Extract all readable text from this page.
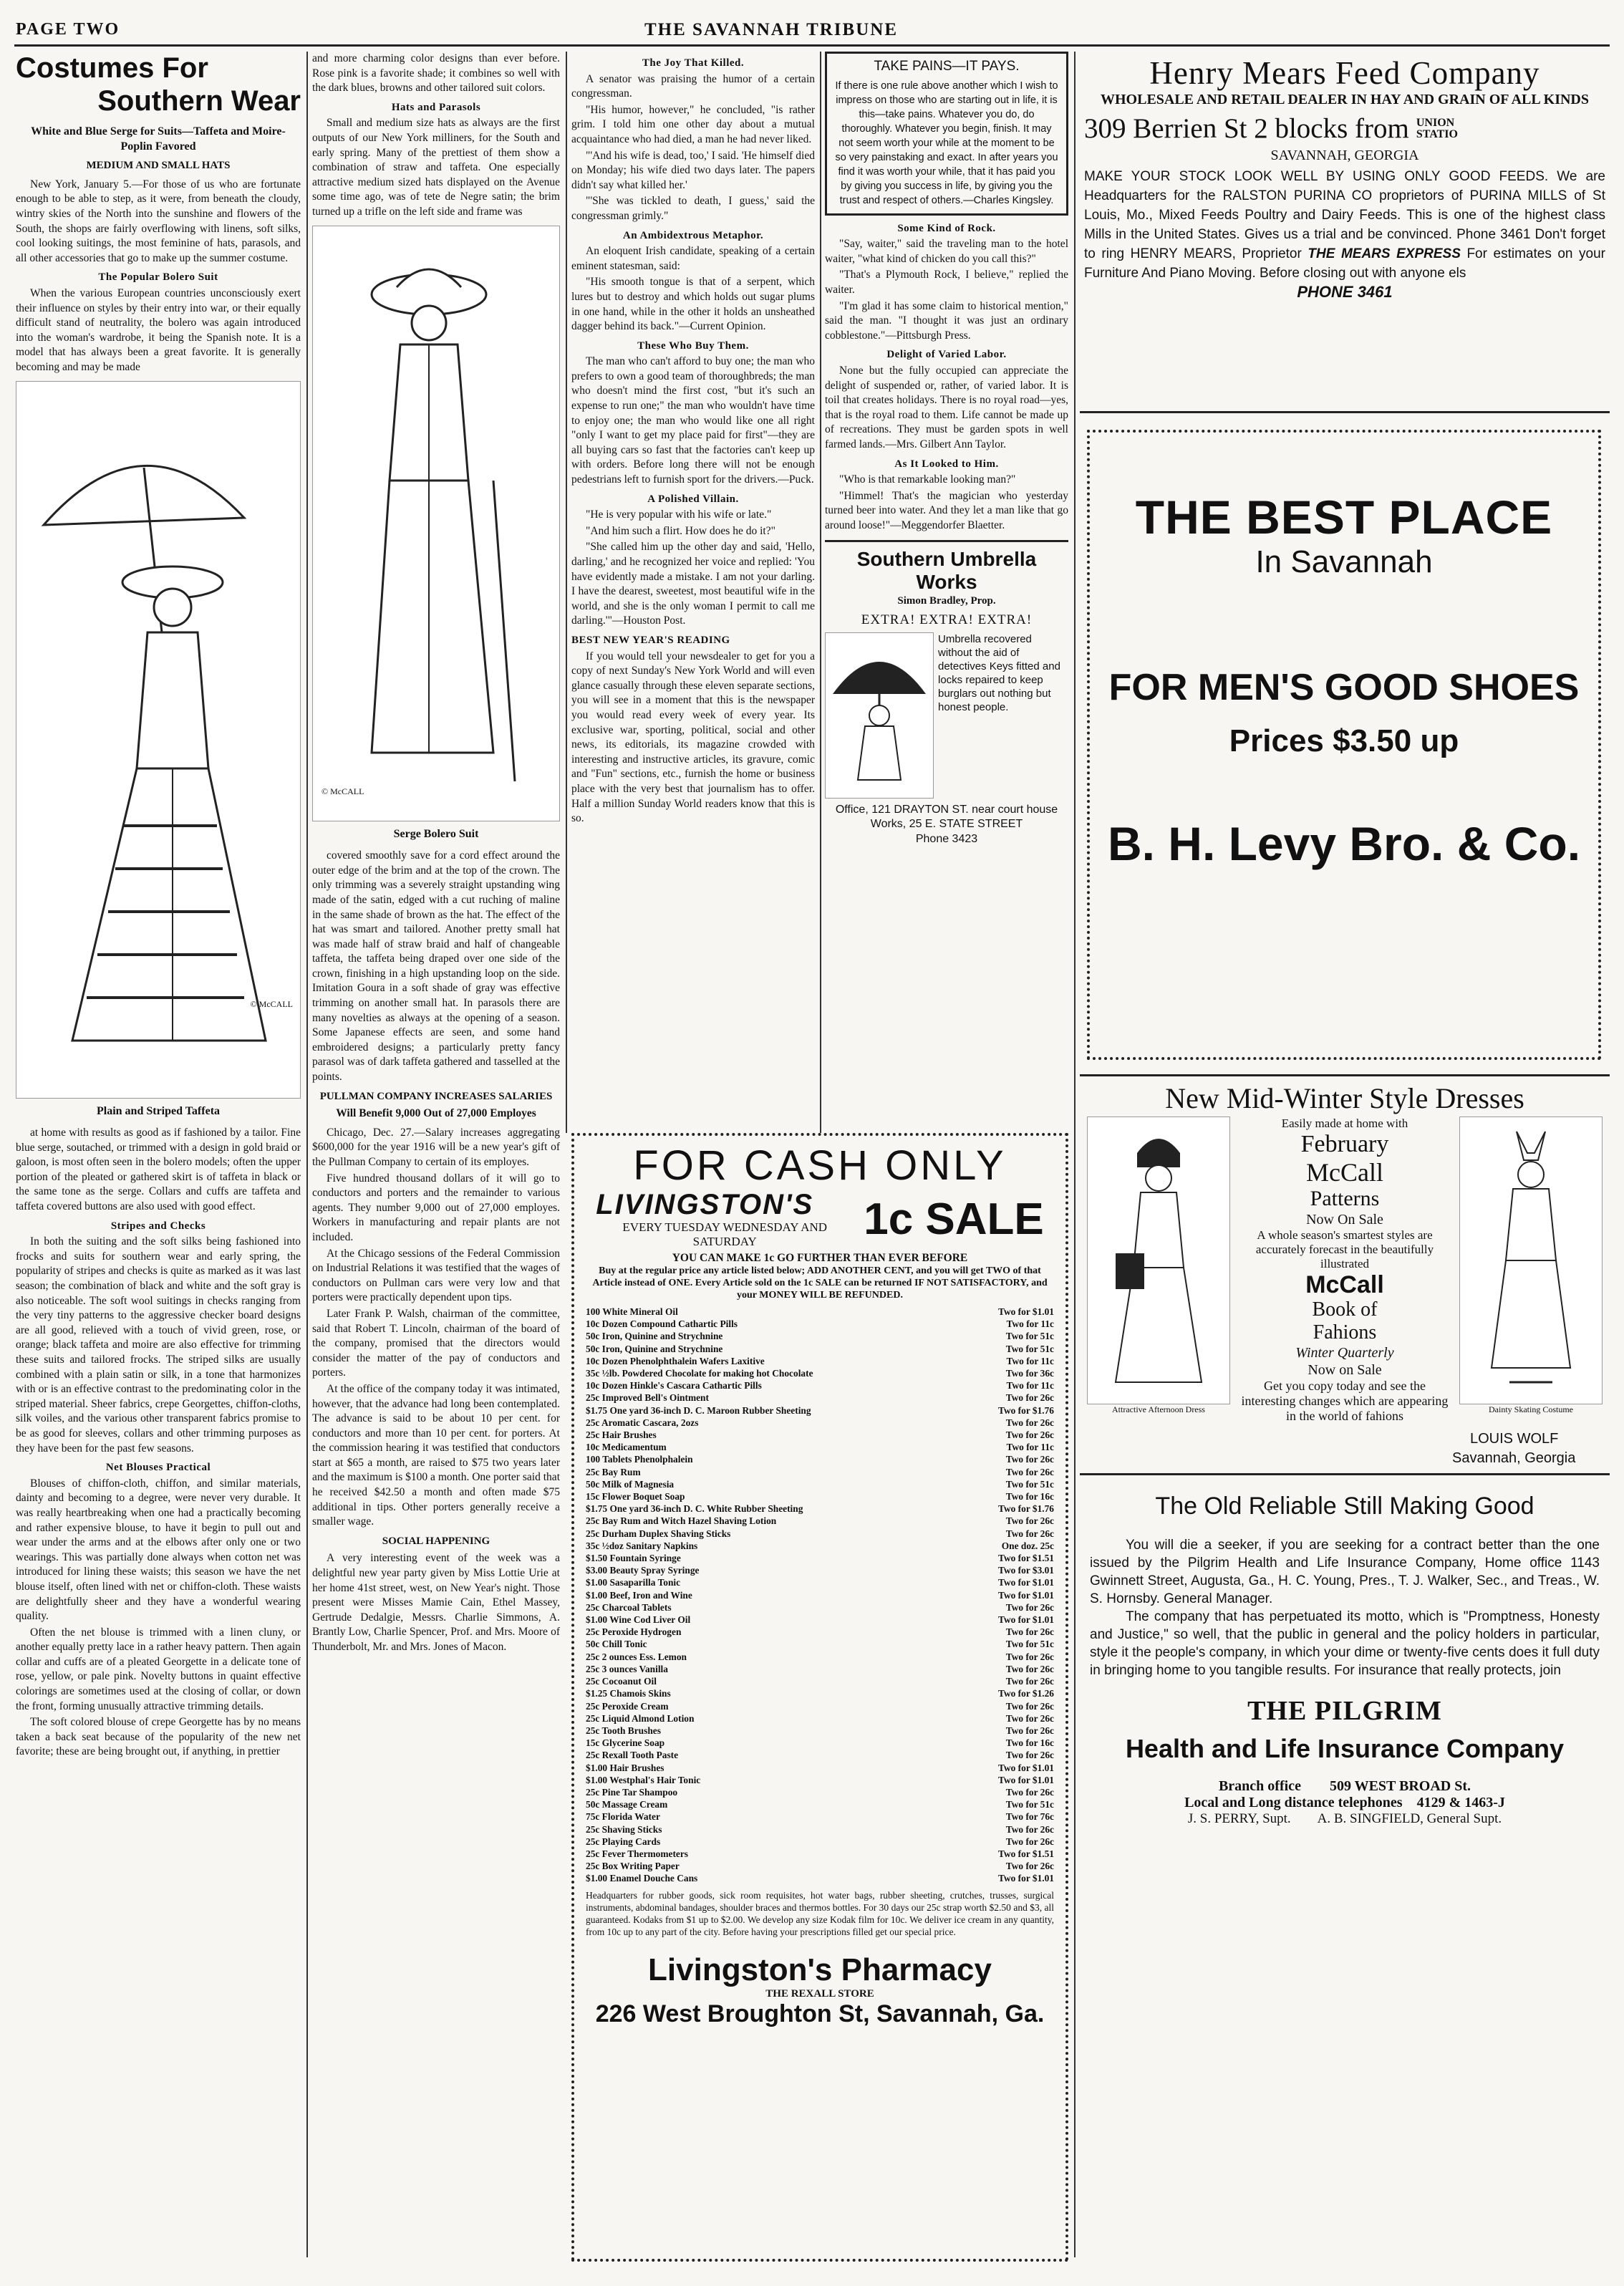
PAGE TWO	THE SAVANNAH TRIBUNE
Costumes For
Southern Wear
White and Blue Serge for Suits—Taffeta and Moire-Poplin Favored
MEDIUM AND SMALL HATS

New York, January 5.—For those of us who are fortunate enough to be able to step, as it were, from beneath the cloudy, wintry skies of the North into the sunshine and flowers of the South, the shops are fairly overflowing with linens, soft silks, cool looking suitings, the most feminine of hats, parasols, and all other accessories that go to make up the summer costume.

The Popular Bolero Suit

When the various European countries unconsciously exert their influence on styles by their entry into war, or their equally difficult stand of neutrality, the bolero was again introduced into the woman's wardrobe, it being the Spanish note. It is a model that has always been a great favorite. It is generally becoming and may be made

© McCALL
Plain and Striped Taffeta

at home with results as good as if fashioned by a tailor. Fine blue serge, soutached, or trimmed with a design in gold braid or galoon, is most often seen in the bolero models; often the upper portion of the pleated or gathered skirt is of taffeta in black or the same tone as the serge. Collars and cuffs are taffeta and taffeta covered buttons are also used with good effect.

Stripes and Checks

In both the suiting and the soft silks being fashioned into frocks and suits for southern wear and early spring, the popularity of stripes and checks is quite as marked as it was last season; the combination of black and white and the soft gray is also noticeable. The soft wool suitings in checks ranging from the very tiny patterns to the aggressive checker board designs are all good, relieved with a touch of vivid green, rose, or orange; black taffeta and moire are also effective for trimming these suits and tailored frocks. The striped silks are usually combined with a plain satin or silk, in a tone that harmonizes with or is an effective contrast to the predominating color in the striped material. Sheer fabrics, crepe Georgettes, chiffon-cloths, silk voiles, and the various other transparent fabrics promise to be as good for sleeves, collars and other trimming purposes as they have been for the past few seasons.

Net Blouses Practical

Blouses of chiffon-cloth, chiffon, and similar materials, dainty and becoming to a degree, were never very durable. It was really heartbreaking when one had a practically becoming and rather expensive blouse, to have it begin to pull out and wear under the arms and at the elbows after only one or two wearings. This was partially done always when cotton net was introduced for lining these waists; this season we have the net blouse itself, often lined with net or chiffon-cloth. These waists are delightfully sheer and they have a wonderful wearing quality.

Often the net blouse is trimmed with a linen cluny, or another equally pretty lace in a rather heavy pattern. Then again collar and cuffs are of a pleated Georgette in a delicate tone of rose, yellow, or pale pink. Novelty buttons in quaint effective colorings are sometimes used at the closing of collar, or down the front, forming unusually attractive trimming details.

The soft colored blouse of crepe Georgette has by no means taken a back seat because of the popularity of the new net favorite; these are being brought out, if anything, in prettier

and more charming color designs than ever before. Rose pink is a favorite shade; it combines so well with the dark blues, browns and other tailored suit colors.

Hats and Parasols

Small and medium size hats as always are the first outputs of our New York milliners, for the South and early spring. Many of the prettiest of them show a combination of straw and taffeta. One especially attractive medium sized hats displayed on the Avenue some time ago, was of tete de Negre satin; the brim turned up a trifle on the left side and frame was

© McCALL
Serge Bolero Suit

covered smoothly save for a cord effect around the outer edge of the brim and at the top of the crown. The only trimming was a severely straight upstanding wing made of the satin, edged with a cut ruching of maline in the same shade of brown as the hat. The effect of the hat was smart and tailored. Another pretty small hat was made half of straw braid and half of changeable taffeta, the taffeta being draped over one side of the crown, finishing in a high upstanding loop on the side. Imitation Goura in a soft shade of gray was effective trimming on another small hat. In parasols there are many novelties as always at the opening of a season. Some Japanese effects are seen, and some hand embroidered designs; a particularly pretty fancy parasol was of dark taffeta gathered and tasselled at the points.

PULLMAN COMPANY INCREASES SALARIES
Will Benefit 9,000 Out of 27,000 Employes

Chicago, Dec. 27.—Salary increases aggregating $600,000 for the year 1916 will be a new year's gift of the Pullman Company to certain of its employes.

Five hundred thousand dollars of it will go to conductors and porters and the remainder to various agents. They number 9,000 out of 27,000 employes. Workers in manufacturing and repair plants are not included.

At the Chicago sessions of the Federal Commission on Industrial Relations it was testified that the wages of conductors on Pullman cars were very low and that porters were practically dependent upon tips.

Later Frank P. Walsh, chairman of the committee, said that Robert T. Lincoln, chairman of the board of the company, promised that the directors would consider the matter of the pay of conductors and porters.

At the office of the company today it was intimated, however, that the advance had long been contemplated. The advance is said to be about 10 per cent. for conductors and more than 10 per cent. for porters. At the commission hearing it was testified that conductors start at $65 a month, are raised to $75 two years later and the maximum is $100 a month. One porter said that he received $42.50 a month and often made $75 additional in tips. Other porters generally receive a smaller wage.

SOCIAL HAPPENING

A very interesting event of the week was a delightful new year party given by Miss Lottie Urie at her home 41st street, west, on New Year's night. Those present were Misses Mamie Cain, Ethel Massey, Gertrude Dedalgie, Messrs. Charlie Simmons, A. Brantly Low, Charlie Spencer, Prof. and Mrs. Moore of Thunderbolt, Mr. and Mrs. Jones of Macon.

The Joy That Killed.

A senator was praising the humor of a certain congressman.

"His humor, however," he concluded, "is rather grim. I told him one other day about a mutual acquaintance who had died, a man he had never liked.

"'And his wife is dead, too,' I said. 'He himself died on Monday; his wife died two days later. The papers didn't say what killed her.'

"'She was tickled to death, I guess,' said the congressman grimly."

An Ambidextrous Metaphor.

An eloquent Irish candidate, speaking of a certain eminent statesman, said:

"His smooth tongue is that of a serpent, which lures but to destroy and which holds out sugar plums in one hand, while in the other it holds an unsheathed dagger behind its back."—Current Opinion.

These Who Buy Them.

The man who can't afford to buy one; the man who prefers to own a good team of thoroughbreds; the man who doesn't mind the first cost, "but it's such an expense to run one;" the man who wouldn't have time to enjoy one; the man who would like one all right "only I want to get my place paid for first"—they are all buying cars so fast that the factories can't keep up with orders. Before long there will not be enough pedestrians left to furnish sport for the drivers.—Puck.

A Polished Villain.

"He is very popular with his wife or late."

"And him such a flirt. How does he do it?"

"She called him up the other day and said, 'Hello, darling,' and he recognized her voice and replied: 'You have evidently made a mistake. I am not your darling. I have the dearest, sweetest, most beautiful wife in the world, and she is the only woman I permit to call me darling.'"—Houston Post.

BEST NEW YEAR'S READING

If you would tell your newsdealer to get for you a copy of next Sunday's New York World and will even glance casually through these eleven separate sections, you will see in a moment that this is the newspaper you would read every week of every year. Its exclusive war, sporting, political, social and other news, its editorials, its magazine crowded with interesting and instructive articles, its gravure, comic and "Fun" sections, etc., furnish the home or business place with the very best that journalism has to offer. Half a million Sunday World readers know that this is so.

TAKE PAINS—IT PAYS.
If there is one rule above another which I wish to impress on those who are starting out in life, it is this—take pains. Whatever you do, do thoroughly. Whatever you begin, finish. It may not seem worth your while at the moment to be so very painstaking and exact. In after years you find it was worth your while, that it has paid you by giving you success in life, by giving you the trust and respect of others.—Charles Kingsley.
Some Kind of Rock.

"Say, waiter," said the traveling man to the hotel waiter, "what kind of chicken do you call this?"

"That's a Plymouth Rock, I believe," replied the waiter.

"I'm glad it has some claim to historical mention," said the man. "I thought it was just an ordinary cobblestone."—Pittsburgh Press.

Delight of Varied Labor.

None but the fully occupied can appreciate the delight of suspended or, rather, of varied labor. It is toil that creates holidays. There is no royal road—yes, that is the royal road to them. Life cannot be made up of recreations. They must be garden spots in well farmed lands.—Mrs. Gilbert Ann Taylor.

As It Looked to Him.

"Who is that remarkable looking man?"

"Himmel! That's the magician who yesterday turned beer into water. And they let a man like that go around loose!"—Meggendorfer Blaetter.

Southern Umbrella Works
Simon Bradley, Prop.
EXTRA! EXTRA! EXTRA!
Umbrella recovered without the aid of detectives Keys fitted and locks repaired to keep burglars out nothing but honest people.
Office, 121 DRAYTON ST. near court house
Works, 25 E. STATE STREET
Phone 3423
FOR CASH ONLY
LIVINGSTON'S
EVERY TUESDAY WEDNESDAY AND SATURDAY	1c SALE
YOU CAN MAKE 1c GO FURTHER THAN EVER BEFORE
Buy at the regular price any article listed below; ADD ANOTHER CENT, and you will get TWO of that Article instead of ONE. Every Article sold on the 1c SALE can be returned IF NOT SATISFACTORY, and your MONEY WILL BE REFUNDED.
100 White Mineral Oil	Two for $1.01
10c Dozen Compound Cathartic Pills	Two for 11c
50c Iron, Quinine and Strychnine	Two for 51c
50c Iron, Quinine and Strychnine	Two for 51c
10c Dozen Phenolphthalein Wafers Laxitive	Two for 11c
35c ½lb. Powdered Chocolate for making hot Chocolate	Two for 36c
10c Dozen Hinkle's Cascara Cathartic Pills	Two for 11c
25c Improved Bell's Ointment	Two for 26c
$1.75 One yard 36-inch D. C. Maroon Rubber Sheeting	Two for $1.76
25c Aromatic Cascara, 2ozs	Two for 26c
25c Hair Brushes	Two for 26c
10c Medicamentum	Two for 11c
100 Tablets Phenolphalein	Two for 26c
25c Bay Rum	Two for 26c
50c Milk of Magnesia	Two for 51c
15c Flower Boquet Soap	Two for 16c
$1.75 One yard 36-inch D. C. White Rubber Sheeting	Two for $1.76
25c Bay Rum and Witch Hazel Shaving Lotion	Two for 26c
25c Durham Duplex Shaving Sticks	Two for 26c
35c ½doz Sanitary Napkins	One doz. 25c
$1.50 Fountain Syringe	Two for $1.51
$3.00 Beauty Spray Syringe	Two for $3.01
$1.00 Sasaparilla Tonic	Two for $1.01
$1.00 Beef, Iron and Wine	Two for $1.01
25c Charcoal Tablets	Two for 26c
$1.00 Wine Cod Liver Oil	Two for $1.01
25c Peroxide Hydrogen	Two for 26c
50c Chill Tonic	Two for 51c
25c 2 ounces Ess. Lemon	Two for 26c
25c 3 ounces Vanilla	Two for 26c
25c Cocoanut Oil	Two for 26c
$1.25 Chamois Skins	Two for $1.26
25c Peroxide Cream	Two for 26c
25c Liquid Almond Lotion	Two for 26c
25c Tooth Brushes	Two for 26c
15c Glycerine Soap	Two for 16c
25c Rexall Tooth Paste	Two for 26c
$1.00 Hair Brushes	Two for $1.01
$1.00 Westphal's Hair Tonic	Two for $1.01
25c Pine Tar Shampoo	Two for 26c
50c Massage Cream	Two for 51c
75c Florida Water	Two for 76c
25c Shaving Sticks	Two for 26c
25c Playing Cards	Two for 26c
25c Fever Thermometers	Two for $1.51
25c Box Writing Paper	Two for 26c
$1.00 Enamel Douche Cans	Two for $1.01
Headquarters for rubber goods, sick room requisites, hot water bags, rubber sheeting, crutches, trusses, surgical instruments, abdominal bandages, shoulder braces and thermos bottles. For 30 days our 25c strap worth $2.50 and $3, all guaranteed. Kodaks from $1 up to $2.00. We develop any size Kodak film for 10c. We deliver ice cream in any quantity, from 10c up to any part of the city. Before having your prescriptions filled get our special price.
Livingston's Pharmacy
THE REXALL STORE
226 West Broughton St, Savannah, Ga.
Henry Mears Feed Company
WHOLESALE AND RETAIL DEALER IN HAY AND GRAIN OF ALL KINDS
309 Berrien St 2 blocks from UNION STATIO
SAVANNAH, GEORGIA
MAKE YOUR STOCK LOOK WELL BY USING ONLY GOOD FEEDS. We are Headquarters for the RALSTON PURINA CO proprietors of PURINA MILLS of St Louis, Mo., Mixed Feeds Poultry and Dairy Feeds. This is one of the highest class Mills in the United States. Gives us a trial and be convinced. Phone 3461 Don't forget to ring HENRY MEARS, Proprietor THE MEARS EXPRESS For estimates on your Furniture And Piano Moving. Before closing out with anyone els
PHONE 3461
THE BEST PLACE
In Savannah
FOR MEN'S GOOD SHOES
Prices $3.50 up
B. H. Levy Bro. & Co.
New Mid-Winter Style Dresses
Attractive Afternoon Dress
Easily made at home with
February
McCall
Patterns
Now On Sale
A whole season's smartest styles are accurately forecast in the beautifully illustrated
McCall
Book of
Fahions
Winter Quarterly
Now on Sale
Get you copy today and see the interesting changes which are appearing in the world of fahions	Dainty Skating Costume
LOUIS WOLF
Savannah, Georgia
The Old Reliable Still Making Good
You will die a seeker, if you are seeking for a contract better than the one issued by the Pilgrim Health and Life Insurance Company, Home office 1143 Gwinnett Street, Augusta, Ga., H. C. Young, Pres., T. J. Walker, Sec., and Treas., W. S. Hornsby. General Manager.
The company that has perpetuated its motto, which is "Promptness, Honesty and Justice," so well, that the public in general and the policy holders in particular, style it the people's company, in which your dime or twenty-five cents does it full duty in bringing home to you tangible results. For insurance that really protects, join
THE PILGRIM
Health and Life Insurance Company
Branch office        509 WEST BROAD St.
Local and Long distance telephones    4129 & 1463-J
J. S. PERRY, Supt.        A. B. SINGFIELD, General Supt.
